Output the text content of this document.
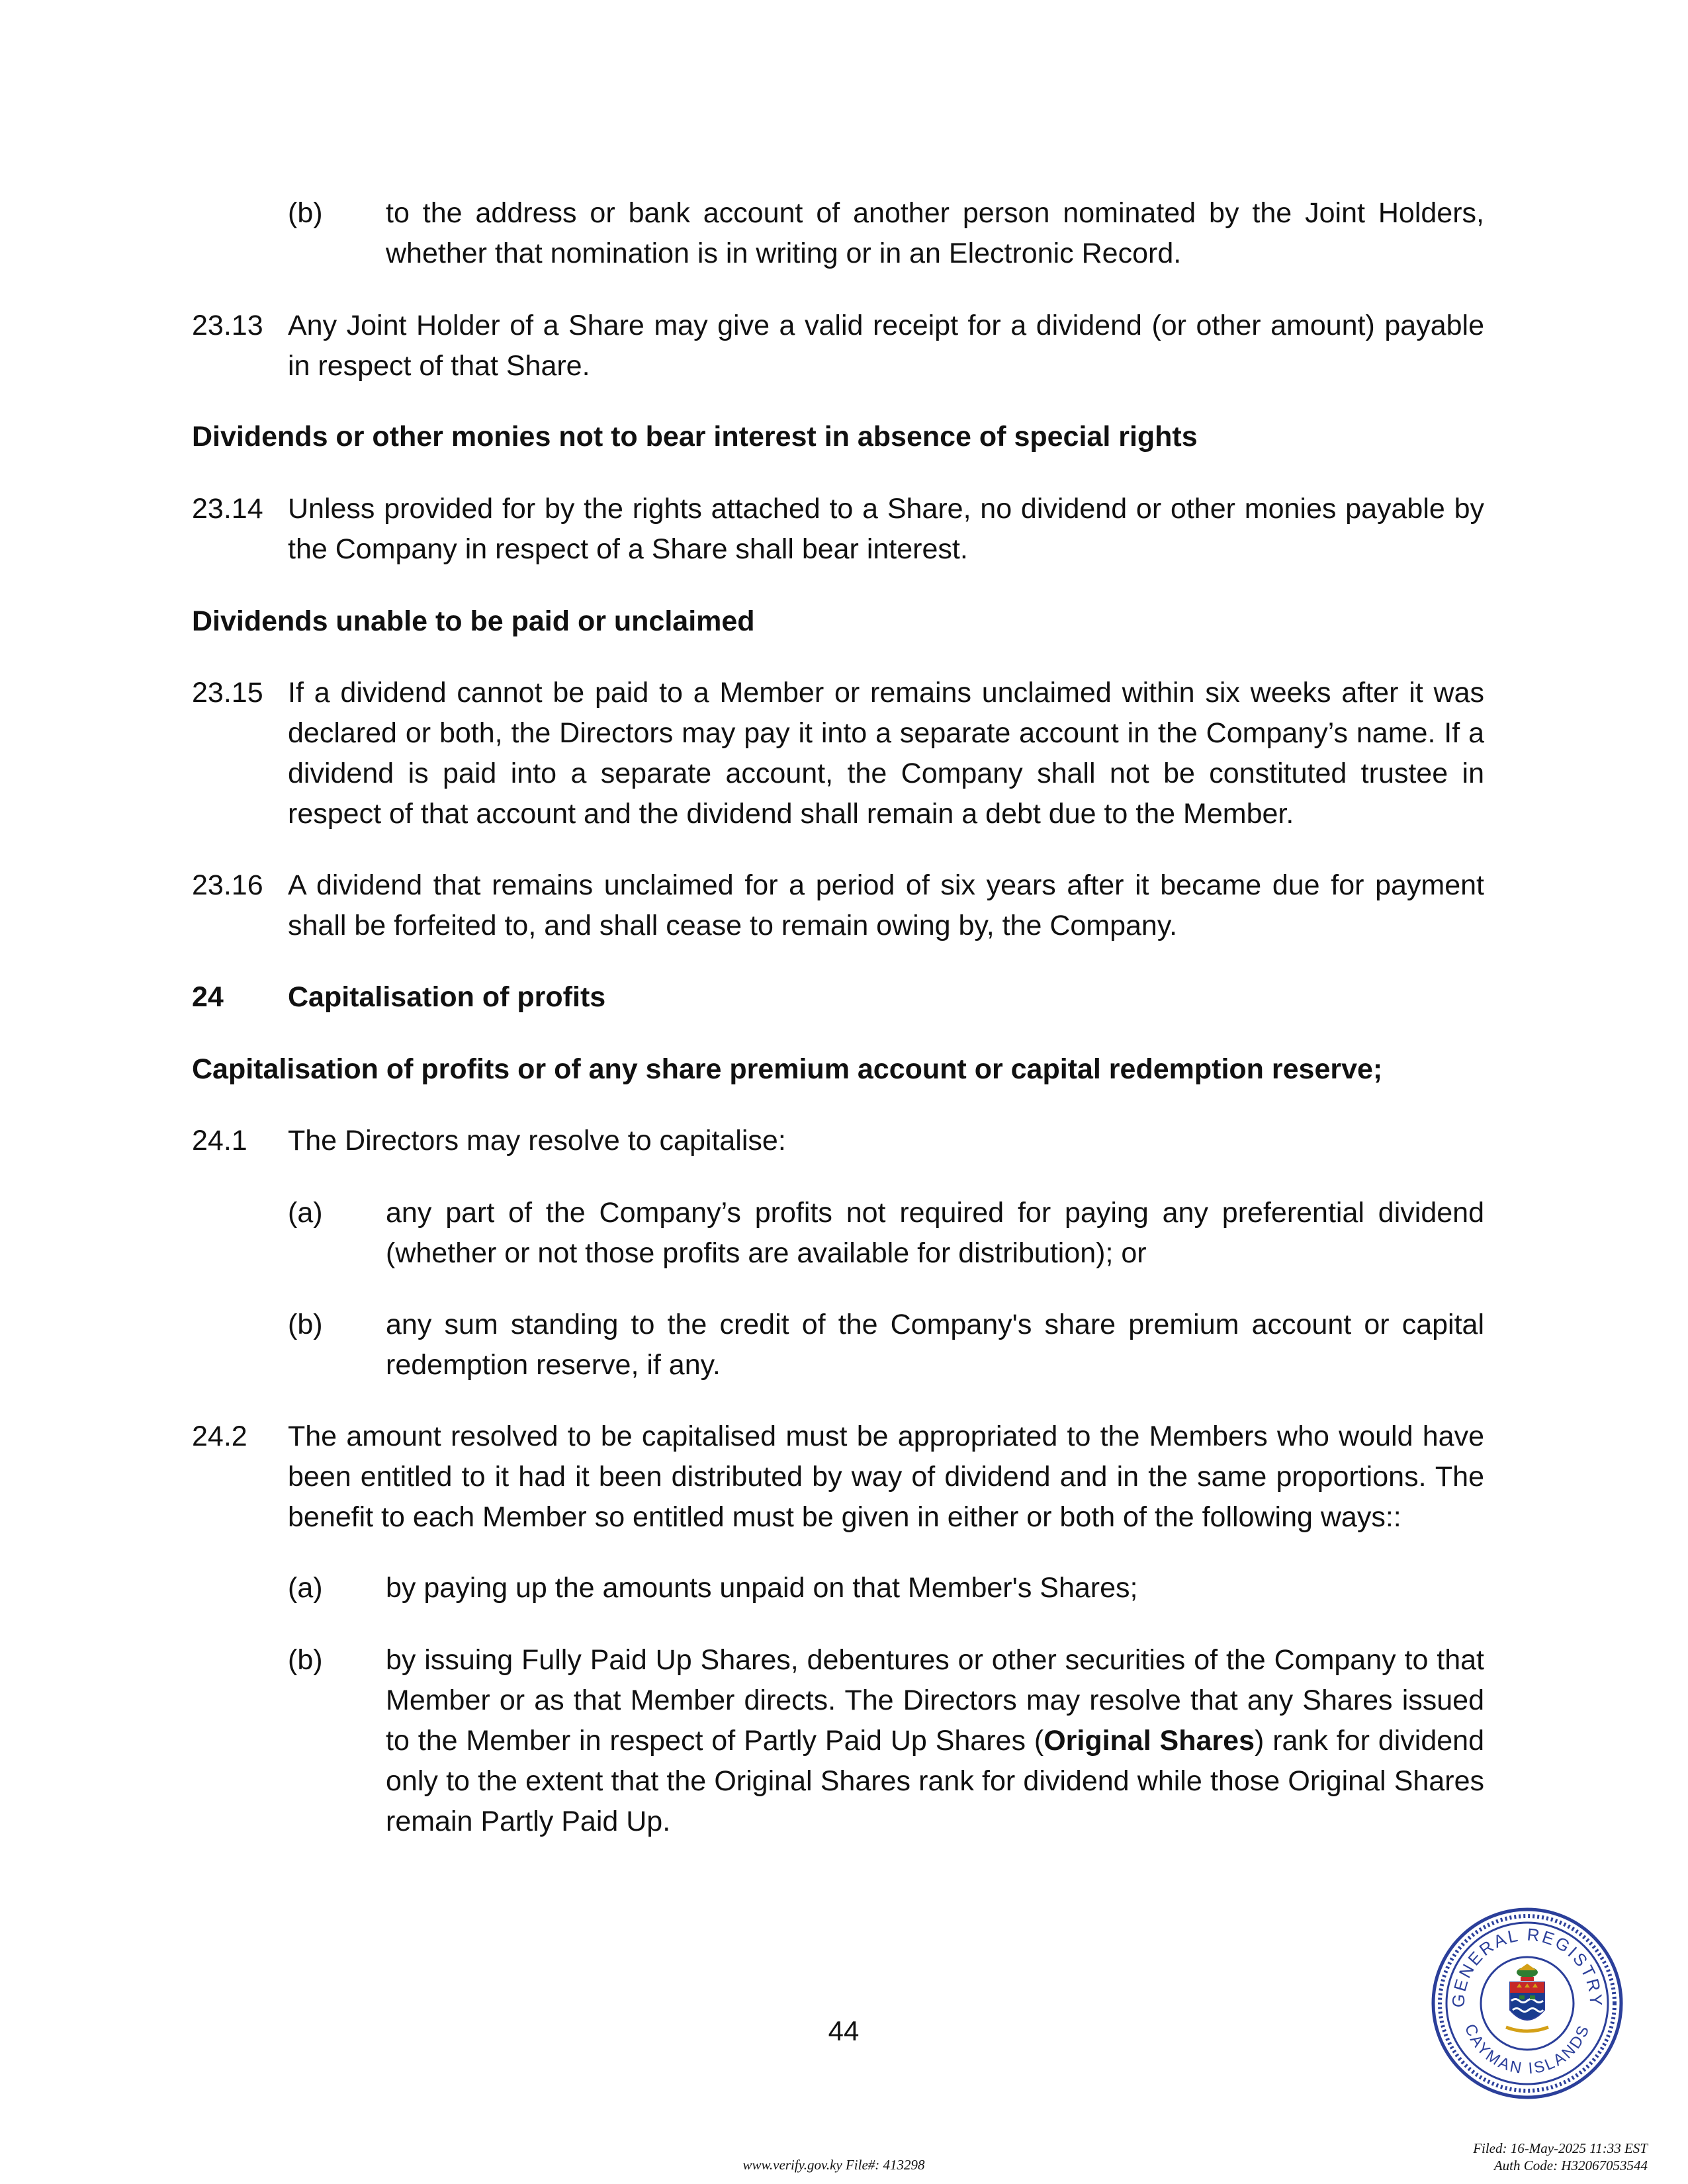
(b) to the address or bank account of another person nominated by the Joint Holders, whether that nomination is in writing or in an Electronic Record.
23.13 Any Joint Holder of a Share may give a valid receipt for a dividend (or other amount) payable in respect of that Share.
Dividends or other monies not to bear interest in absence of special rights
23.14 Unless provided for by the rights attached to a Share, no dividend or other monies payable by the Company in respect of a Share shall bear interest.
Dividends unable to be paid or unclaimed
23.15 If a dividend cannot be paid to a Member or remains unclaimed within six weeks after it was declared or both, the Directors may pay it into a separate account in the Company’s name. If a dividend is paid into a separate account, the Company shall not be constituted trustee in respect of that account and the dividend shall remain a debt due to the Member.
23.16 A dividend that remains unclaimed for a period of six years after it became due for payment shall be forfeited to, and shall cease to remain owing by, the Company.
24 Capitalisation of profits
Capitalisation of profits or of any share premium account or capital redemption reserve;
24.1 The Directors may resolve to capitalise:
(a) any part of the Company’s profits not required for paying any preferential dividend (whether or not those profits are available for distribution); or
(b) any sum standing to the credit of the Company's share premium account or capital redemption reserve, if any.
24.2 The amount resolved to be capitalised must be appropriated to the Members who would have been entitled to it had it been distributed by way of dividend and in the same proportions. The benefit to each Member so entitled must be given in either or both of the following ways::
(a) by paying up the amounts unpaid on that Member's Shares;
(b) by issuing Fully Paid Up Shares, debentures or other securities of the Company to that Member or as that Member directs. The Directors may resolve that any Shares issued to the Member in respect of Partly Paid Up Shares (Original Shares) rank for dividend only to the extent that the Original Shares rank for dividend while those Original Shares remain Partly Paid Up.
44
GENERAL REGISTRY
CAYMAN ISLANDS
www.verify.gov.ky File#: 413298
Filed: 16-May-2025 11:33 EST
Auth Code: H32067053544
